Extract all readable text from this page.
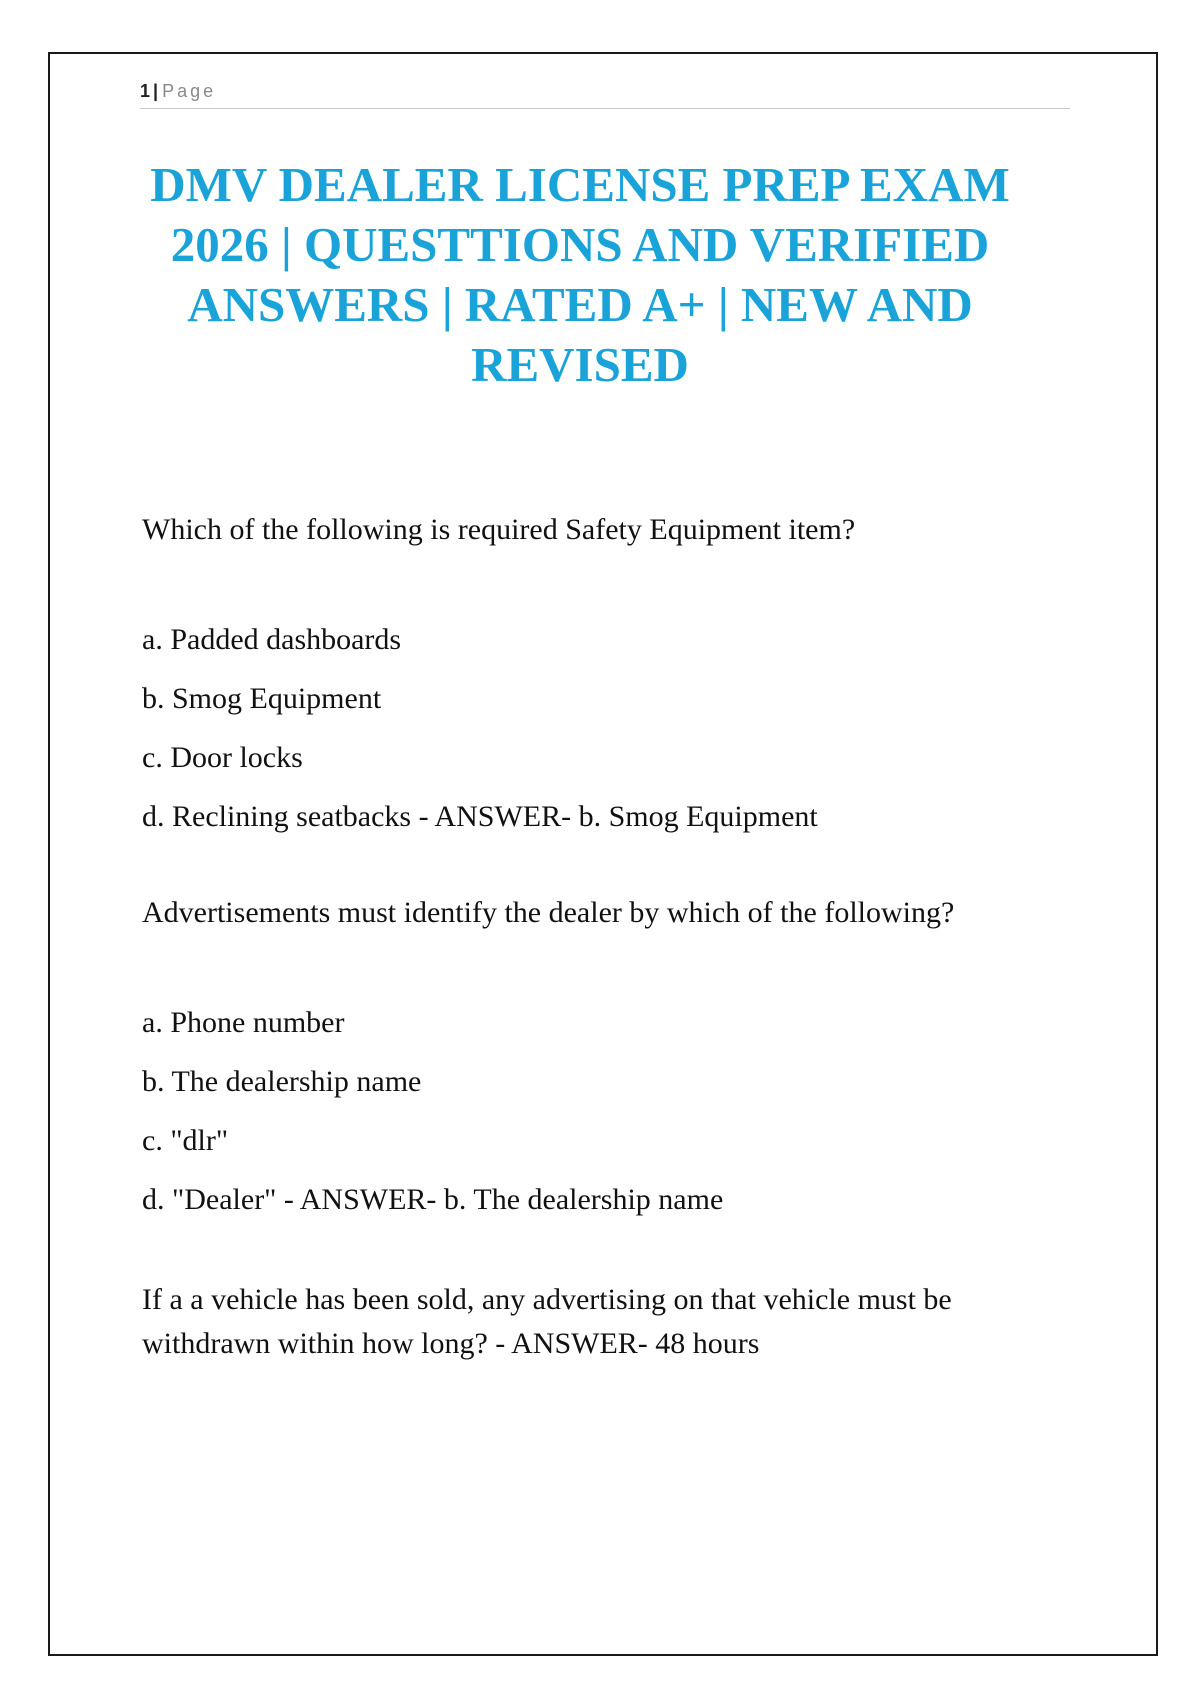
1 | Page
DMV DEALER LICENSE PREP EXAM 2026 | QUESTTIONS AND VERIFIED ANSWERS | RATED A+ | NEW AND REVISED

Which of the following is required Safety Equipment item?

a. Padded dashboards

b. Smog Equipment

c. Door locks

d. Reclining seatbacks - ANSWER- b. Smog Equipment

Advertisements must identify the dealer by which of the following?

a. Phone number

b. The dealership name

c. "dlr"

d. "Dealer" - ANSWER- b. The dealership name

If a a vehicle has been sold, any advertising on that vehicle must be withdrawn within how long? - ANSWER- 48 hours
